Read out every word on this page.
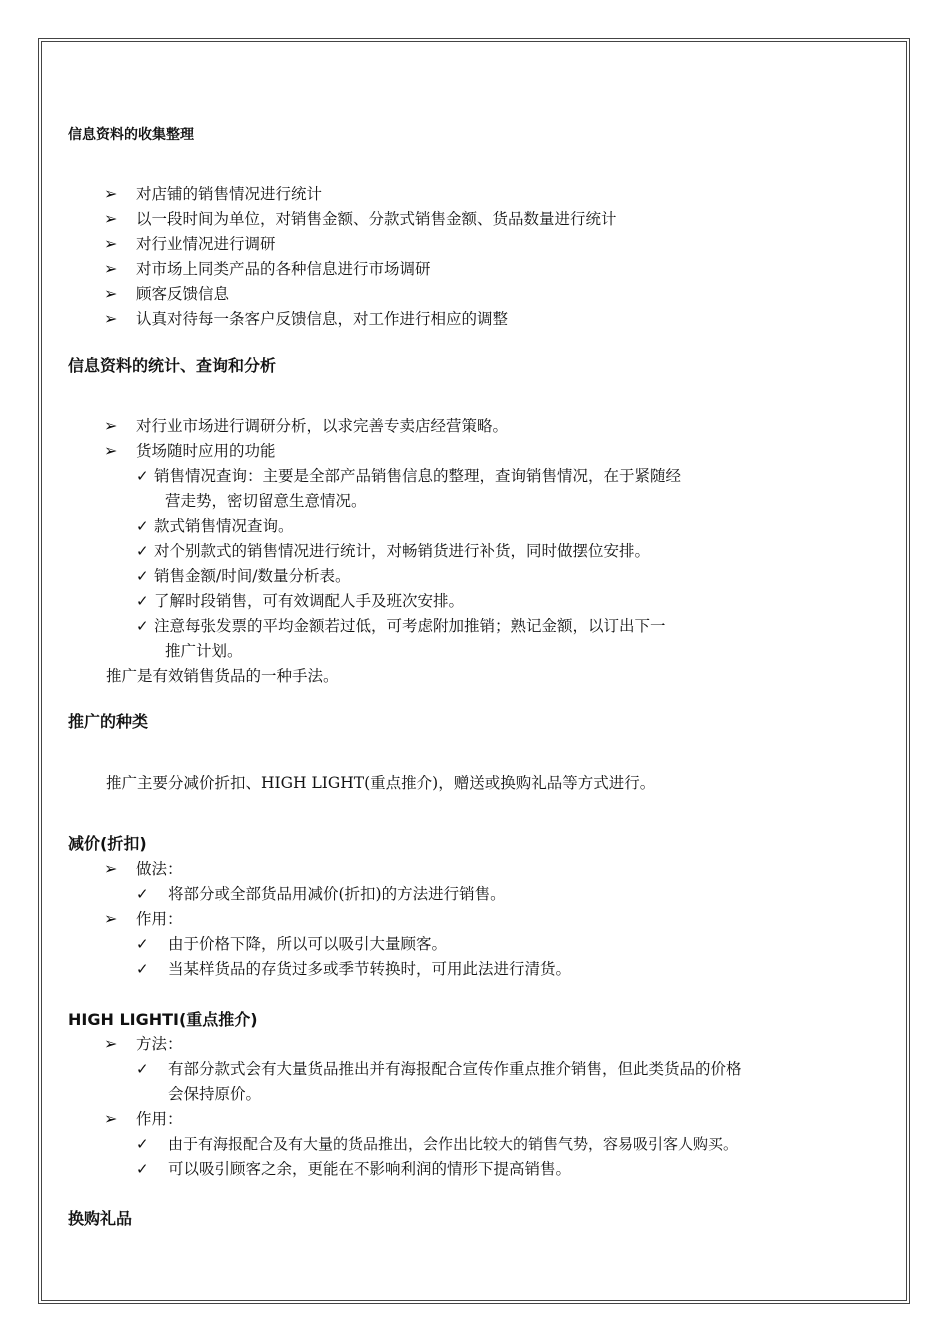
信息资料的收集整理
➢ 对店铺的销售情况进行统计
➢ 以一段时间为单位，对销售金额、分款式销售金额、货品数量进行统计
➢ 对行业情况进行调研
➢ 对市场上同类产品的各种信息进行市场调研
➢ 顾客反馈信息
➢ 认真对待每一条客户反馈信息，对工作进行相应的调整
信息资料的统计、查询和分析
➢ 对行业市场进行调研分析，以求完善专卖店经营策略。
➢ 货场随时应用的功能
✓ 销售情况查询：主要是全部产品销售信息的整理，查询销售情况，在于紧随经
营走势，密切留意生意情况。
✓ 款式销售情况查询。
✓ 对个别款式的销售情况进行统计，对畅销货进行补货，同时做摆位安排。
✓ 销售金额/时间/数量分析表。
✓ 了解时段销售，可有效调配人手及班次安排。
✓ 注意每张发票的平均金额若过低，可考虑附加推销；熟记金额，以订出下一
推广计划。
推广是有效销售货品的一种手法。
推广的种类
推广主要分减价折扣、HIGH LIGHT(重点推介)，赠送或换购礼品等方式进行。
减价(折扣)
➢ 做法：
✓ 将部分或全部货品用减价(折扣)的方法进行销售。
➢ 作用：
✓ 由于价格下降，所以可以吸引大量顾客。
✓ 当某样货品的存货过多或季节转换时，可用此法进行清货。
HIGH LIGHTI(重点推介)
➢ 方法：
✓ 有部分款式会有大量货品推出并有海报配合宣传作重点推介销售，但此类货品的价格
会保持原价。
➢ 作用：
✓ 由于有海报配合及有大量的货品推出，会作出比较大的销售气势，容易吸引客人购买。
✓ 可以吸引顾客之余，更能在不影响利润的情形下提高销售。
换购礼品
